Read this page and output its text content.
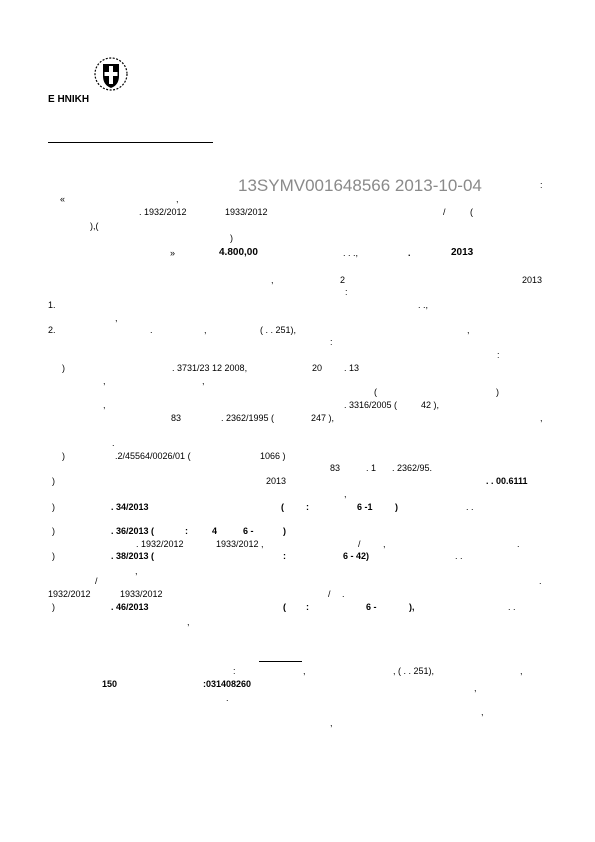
Ε ΗΝΙΚΗ
13SYMV001648566 2013-10-04	:
«	,
. 1932/2012	1933/2012	/	(
),(
)
»	4.800,00	. . .,	.	2013
,	2	2013
:
1.	. .,
,
2.	.	,	( . . 251),	,
:
:
)	. 3731/23 12 2008,	20 . 13
,	,
(	)
,	. 3316/2005 (	42 ),
83	. 2362/1995 (	247 ),	,
.
)	.2/45564/0026/01 (	1066 )
83	. 1 . 2362/95.
)	2013	. . 00.6111
,
)	. 34/2013	( :	6 -1 )	. .
)	. 36/2013 (	:	4	6 -	)
. 1932/2012	1933/2012 ,	/ ,	.
)	. 38/2013 (	:	6 - 42)	. .
,
/	.
1932/2012	1933/2012	/ .
)	. 46/2013	( :	6 -	),	. .
,
:	,	, ( . . 251),	,
150	:031408260	,
.
,
,
